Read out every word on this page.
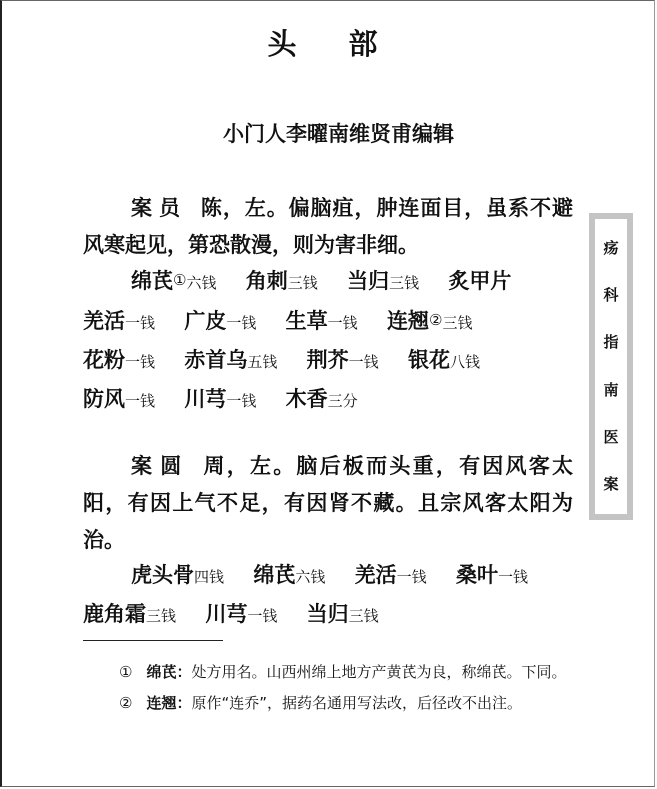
头部
小门人李曜南维贤甫编辑

案员 陈，左。偏脑疽，肿连面目，虽系不避风寒起见，第恐散漫，则为害非细。

绵芪①六钱 角刺三钱 当归三钱 炙甲片 羌活一钱 广皮一钱 生草一钱 连翘②三钱 花粉一钱 赤首乌五钱 荆芥一钱 银花八钱 防风一钱 川芎一钱 木香三分

案圆 周，左。脑后板而头重，有因风客太阳，有因上气不足，有因肾不藏。且宗风客太阳为治。

虎头骨四钱 绵芪六钱 羌活一钱 桑叶一钱 鹿角霜三钱 川芎一钱 当归三钱

① 绵芪：处方用名。山西州绵上地方产黄芪为良，称绵芪。下同。

② 连翘：原作“连乔”，据药名通用写法改，后径改不出注。

疡
科
指
南
医
案
